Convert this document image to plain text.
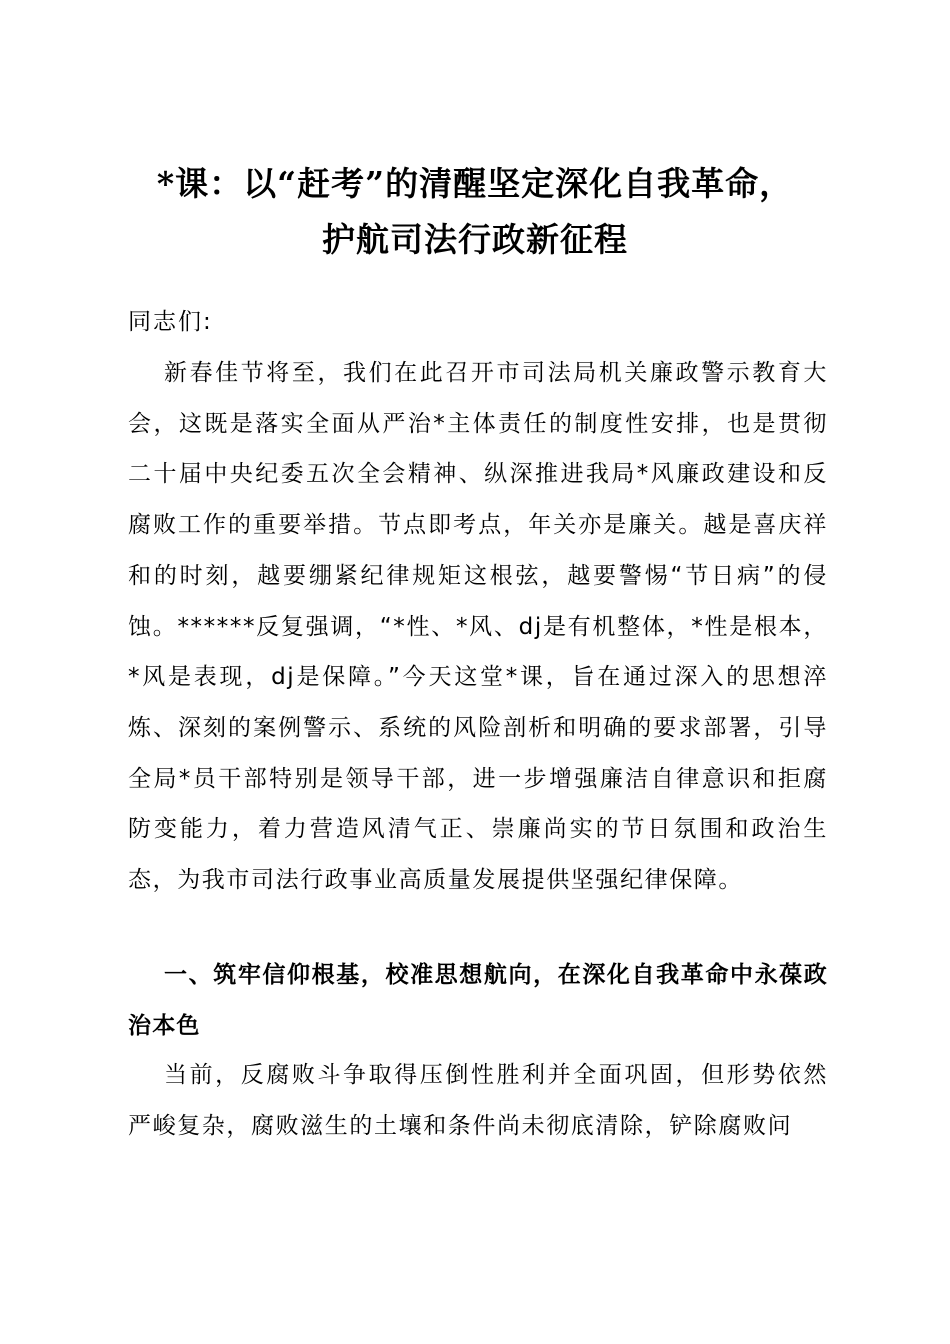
*课：以“赶考”的清醒坚定深化自我革命，
护航司法行政新征程
同志们:

新春佳节将至，我们在此召开市司法局机关廉政警示教育大会，这既是落实全面从严治*主体责任的制度性安排，也是贯彻二十届中央纪委五次全会精神、纵深推进我局*风廉政建设和反腐败工作的重要举措。节点即考点，年关亦是廉关。越是喜庆祥和的时刻，越要绷紧纪律规矩这根弦，越要警惕“节日病”的侵蚀。******反复强调，“*性、*风、dj是有机整体，*性是根本，*风是表现，dj是保障。”今天这堂*课，旨在通过深入的思想淬炼、深刻的案例警示、系统的风险剖析和明确的要求部署，引导全局*员干部特别是领导干部，进一步增强廉洁自律意识和拒腐防变能力，着力营造风清气正、崇廉尚实的节日氛围和政治生态，为我市司法行政事业高质量发展提供坚强纪律保障。

一、筑牢信仰根基，校准思想航向，在深化自我革命中永葆政治本色

当前，反腐败斗争取得压倒性胜利并全面巩固，但形势依然严峻复杂，腐败滋生的土壤和条件尚未彻底清除，铲除腐败问
